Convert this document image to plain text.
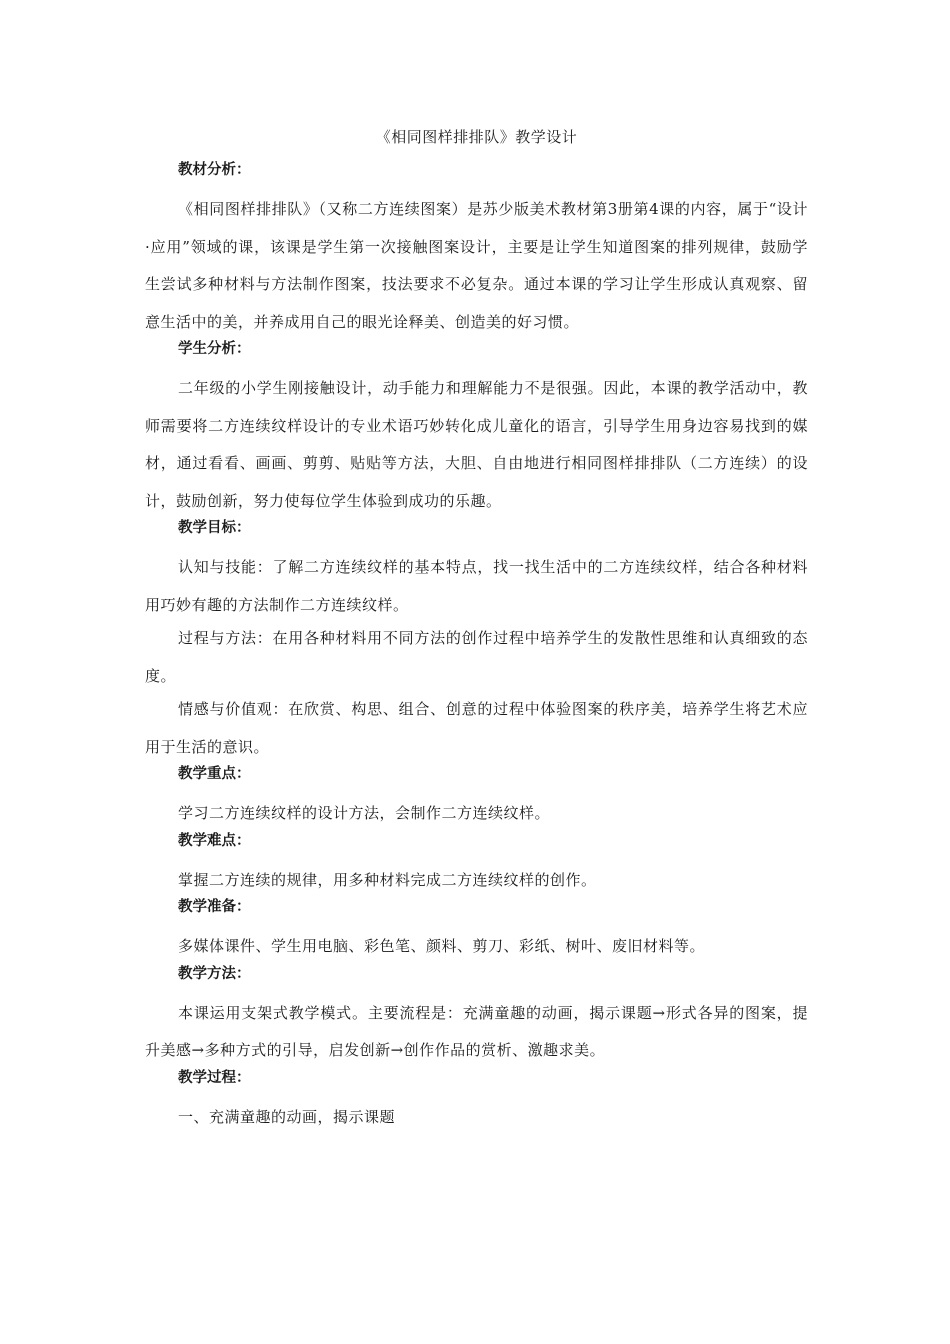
《相同图样排排队》教学设计
教材分析：
《相同图样排排队》（又称二方连续图案）是苏少版美术教材第3册第4课的内容，属于“设计·应用”领域的课，该课是学生第一次接触图案设计，主要是让学生知道图案的排列规律，鼓励学生尝试多种材料与方法制作图案，技法要求不必复杂。通过本课的学习让学生形成认真观察、留意生活中的美，并养成用自己的眼光诠释美、创造美的好习惯。
学生分析：
二年级的小学生刚接触设计，动手能力和理解能力不是很强。因此，本课的教学活动中，教师需要将二方连续纹样设计的专业术语巧妙转化成儿童化的语言，引导学生用身边容易找到的媒材，通过看看、画画、剪剪、贴贴等方法，大胆、自由地进行相同图样排排队（二方连续）的设计，鼓励创新，努力使每位学生体验到成功的乐趣。
教学目标：
认知与技能：了解二方连续纹样的基本特点，找一找生活中的二方连续纹样，结合各种材料用巧妙有趣的方法制作二方连续纹样。
过程与方法：在用各种材料用不同方法的创作过程中培养学生的发散性思维和认真细致的态度。
情感与价值观：在欣赏、构思、组合、创意的过程中体验图案的秩序美，培养学生将艺术应用于生活的意识。
教学重点：
学习二方连续纹样的设计方法，会制作二方连续纹样。
教学难点：
掌握二方连续的规律，用多种材料完成二方连续纹样的创作。
教学准备：
多媒体课件、学生用电脑、彩色笔、颜料、剪刀、彩纸、树叶、废旧材料等。
教学方法：
本课运用支架式教学模式。主要流程是：充满童趣的动画，揭示课题→形式各异的图案，提升美感→多种方式的引导，启发创新→创作作品的赏析、激趣求美。
教学过程：
一、充满童趣的动画，揭示课题
